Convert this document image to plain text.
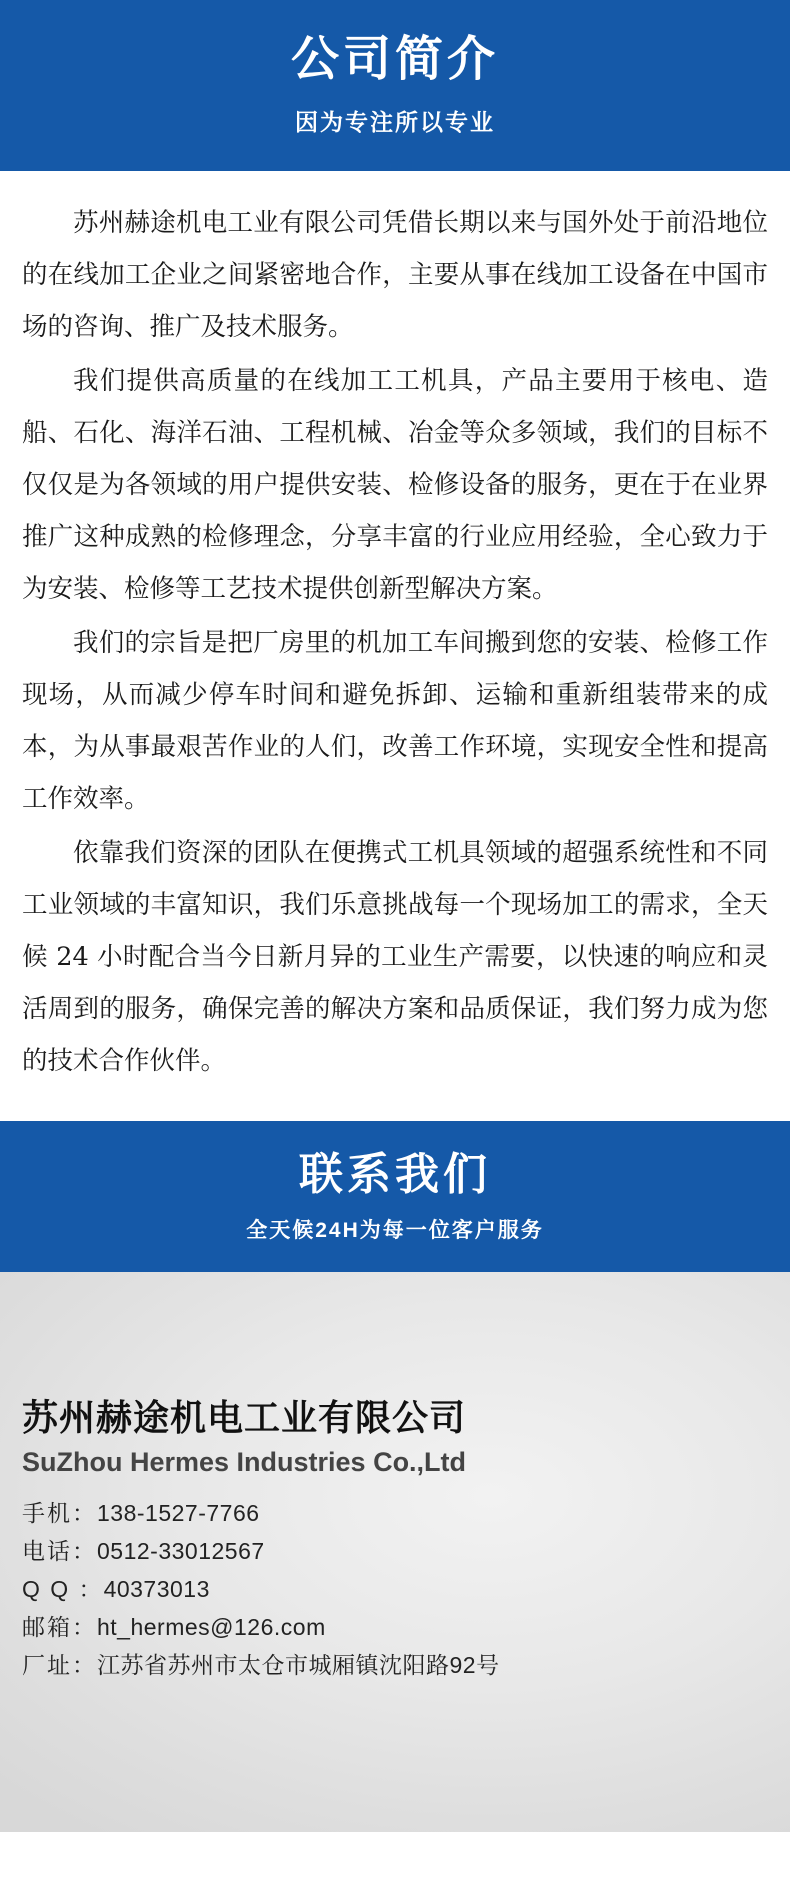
公司简介
因为专注所以专业

苏州赫途机电工业有限公司凭借长期以来与国外处于前沿地位的在线加工企业之间紧密地合作，主要从事在线加工设备在中国市场的咨询、推广及技术服务。

我们提供高质量的在线加工工机具，产品主要用于核电、造船、石化、海洋石油、工程机械、冶金等众多领域，我们的目标不仅仅是为各领域的用户提供安装、检修设备的服务，更在于在业界推广这种成熟的检修理念，分享丰富的行业应用经验，全心致力于为安装、检修等工艺技术提供创新型解决方案。

我们的宗旨是把厂房里的机加工车间搬到您的安装、检修工作现场，从而减少停车时间和避免拆卸、运输和重新组装带来的成本，为从事最艰苦作业的人们，改善工作环境，实现安全性和提高工作效率。

依靠我们资深的团队在便携式工机具领域的超强系统性和不同工业领域的丰富知识，我们乐意挑战每一个现场加工的需求，全天候 24 小时配合当今日新月异的工业生产需要，以快速的响应和灵活周到的服务，确保完善的解决方案和品质保证，我们努力成为您的技术合作伙伴。

联系我们
全天候24H为每一位客户服务
苏州赫途机电工业有限公司
SuZhou Hermes Industries Co.,Ltd

手机：138-1527-7766

电话：0512-33012567

Q Q ：40373013

邮箱：ht_hermes@126.com

厂址：江苏省苏州市太仓市城厢镇沈阳路92号
